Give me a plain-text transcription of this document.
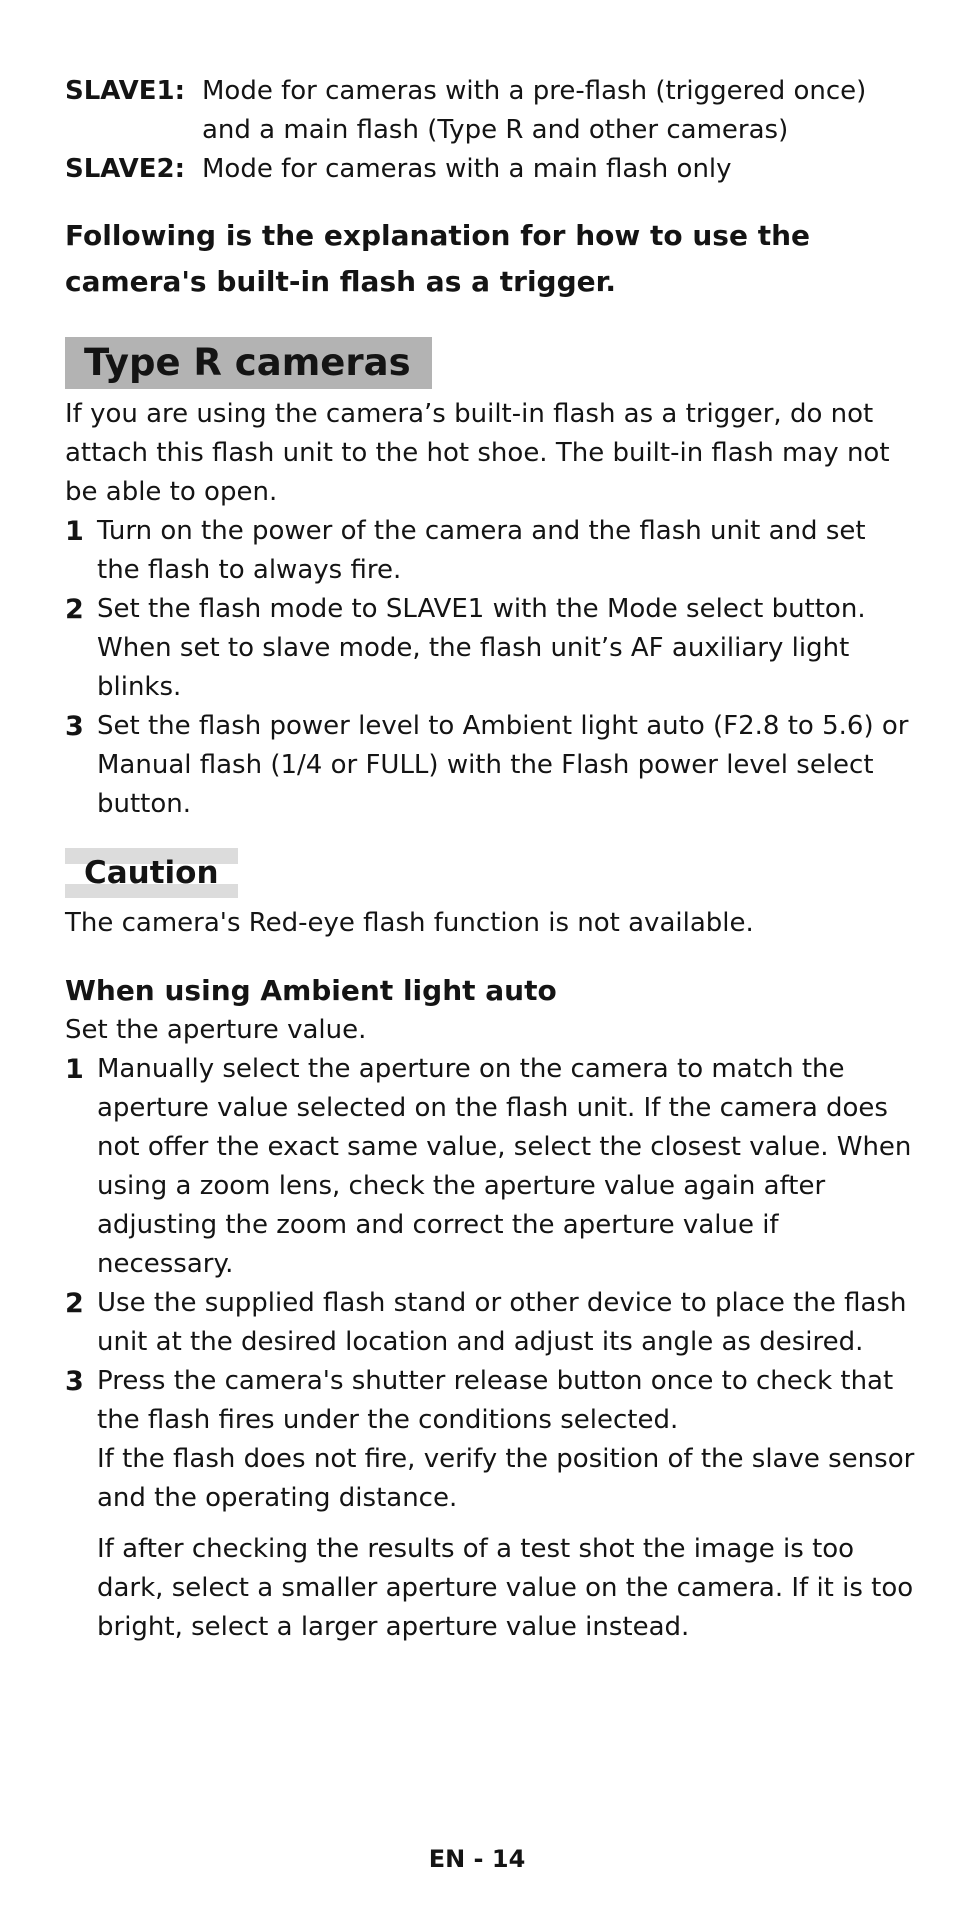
SLAVE1: Mode for cameras with a pre-flash (triggered once) and a main flash (Type R and other cameras)
SLAVE2: Mode for cameras with a main flash only
Following is the explanation for how to use the camera's built-in flash as a trigger.
Type R cameras
If you are using the camera’s built-in flash as a trigger, do not attach this flash unit to the hot shoe. The built-in flash may not be able to open.
1 Turn on the power of the camera and the flash unit and set the flash to always fire.
2 Set the flash mode to SLAVE1 with the Mode select button. When set to slave mode, the flash unit’s AF auxiliary light blinks.
3 Set the flash power level to Ambient light auto (F2.8 to 5.6) or Manual flash (1/4 or FULL) with the Flash power level select button.
Caution
The camera's Red-eye flash function is not available.
When using Ambient light auto
Set the aperture value.
1 Manually select the aperture on the camera to match the aperture value selected on the flash unit. If the camera does not offer the exact same value, select the closest value. When using a zoom lens, check the aperture value again after adjusting the zoom and correct the aperture value if necessary.
2 Use the supplied flash stand or other device to place the flash unit at the desired location and adjust its angle as desired.
3 Press the camera's shutter release button once to check that the flash fires under the conditions selected.
If the flash does not fire, verify the position of the slave sensor and the operating distance.
If after checking the results of a test shot the image is too dark, select a smaller aperture value on the camera. If it is too bright, select a larger aperture value instead.
EN - 14
